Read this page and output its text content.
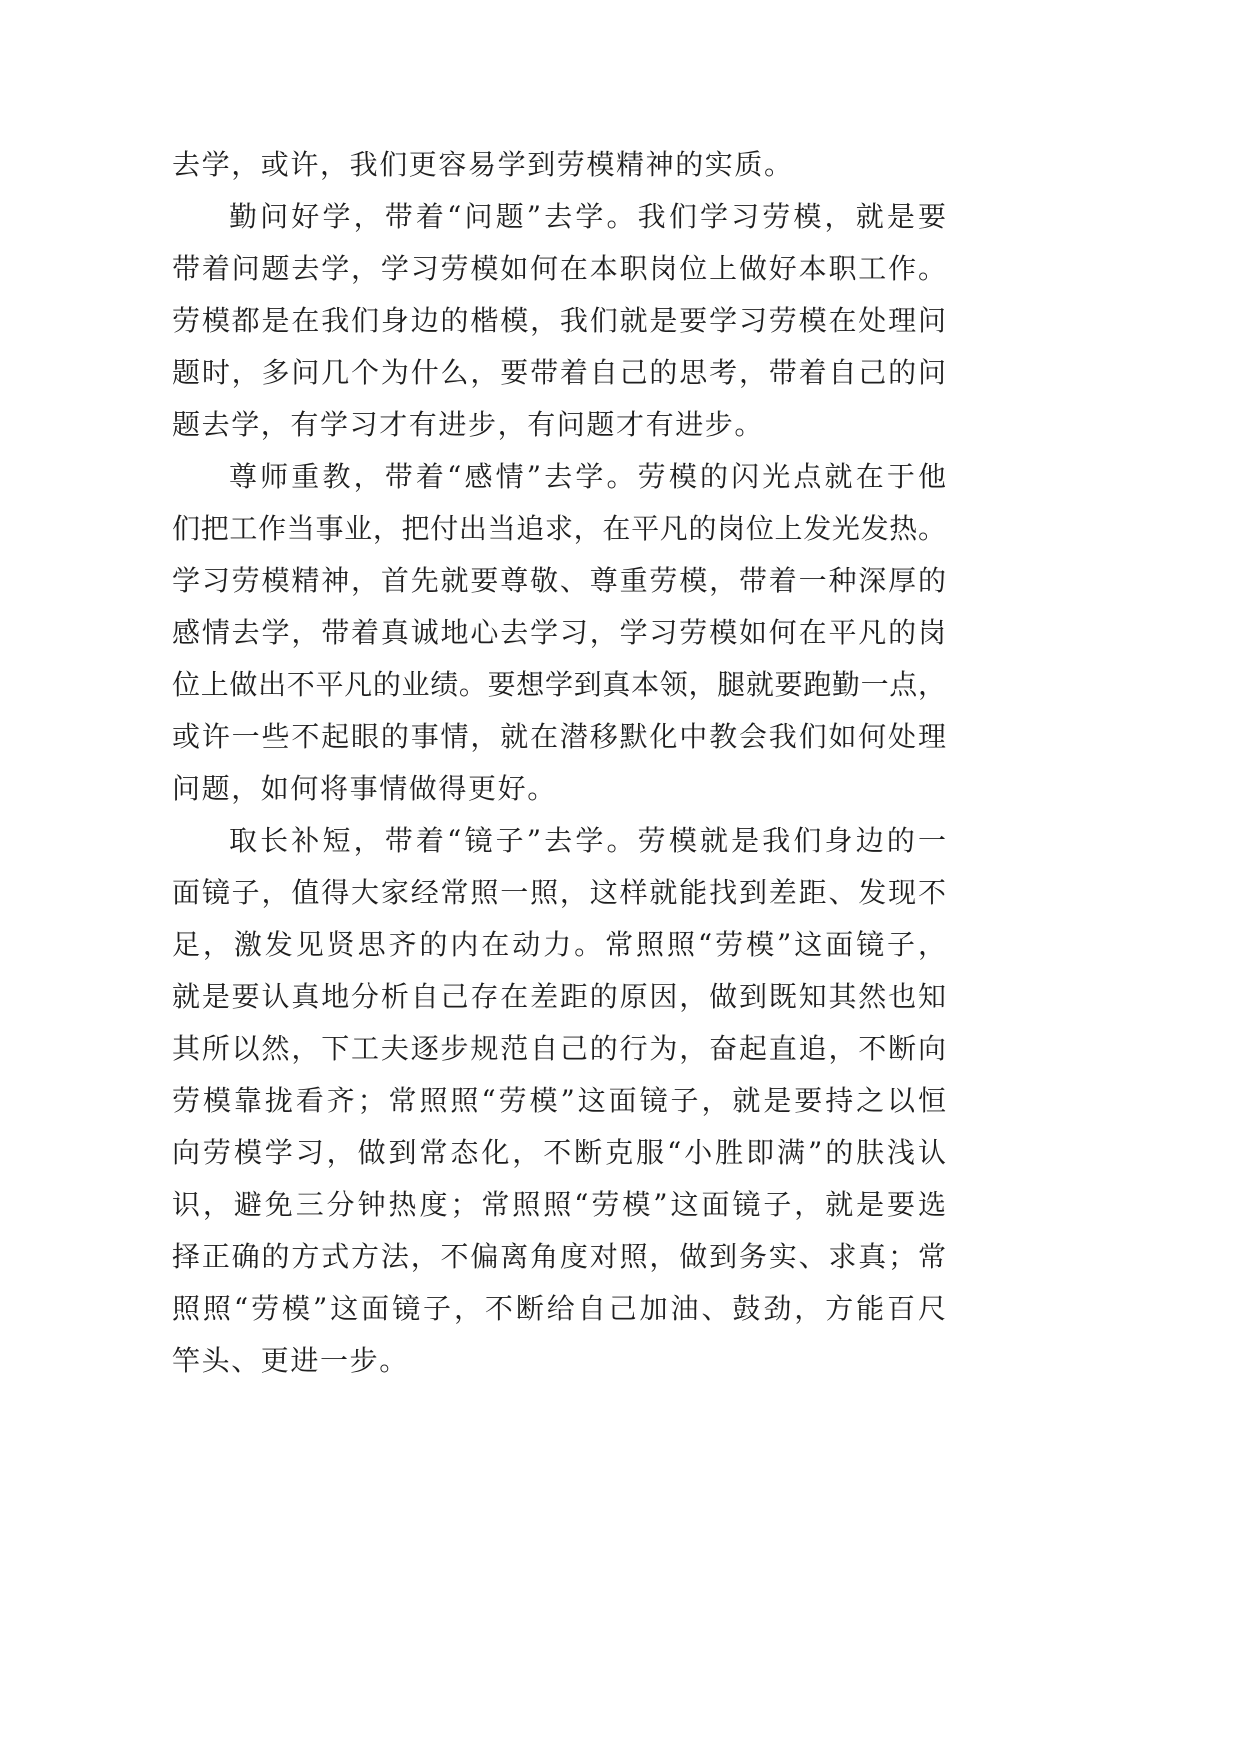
去学，或许，我们更容易学到劳模精神的实质。
勤问好学，带着“问题”去学。我们学习劳模，就是要
带着问题去学，学习劳模如何在本职岗位上做好本职工作。
劳模都是在我们身边的楷模，我们就是要学习劳模在处理问
题时，多问几个为什么，要带着自己的思考，带着自己的问
题去学，有学习才有进步，有问题才有进步。
尊师重教，带着“感情”去学。劳模的闪光点就在于他
们把工作当事业，把付出当追求，在平凡的岗位上发光发热。
学习劳模精神，首先就要尊敬、尊重劳模，带着一种深厚的
感情去学，带着真诚地心去学习，学习劳模如何在平凡的岗
位上做出不平凡的业绩。要想学到真本领，腿就要跑勤一点，
或许一些不起眼的事情，就在潜移默化中教会我们如何处理
问题，如何将事情做得更好。
取长补短，带着“镜子”去学。劳模就是我们身边的一
面镜子，值得大家经常照一照，这样就能找到差距、发现不
足，激发见贤思齐的内在动力。常照照“劳模”这面镜子，
就是要认真地分析自己存在差距的原因，做到既知其然也知
其所以然，下工夫逐步规范自己的行为，奋起直追，不断向
劳模靠拢看齐；常照照“劳模”这面镜子，就是要持之以恒
向劳模学习，做到常态化，不断克服“小胜即满”的肤浅认
识，避免三分钟热度；常照照“劳模”这面镜子，就是要选
择正确的方式方法，不偏离角度对照，做到务实、求真；常
照照“劳模”这面镜子，不断给自己加油、鼓劲，方能百尺
竿头、更进一步。
